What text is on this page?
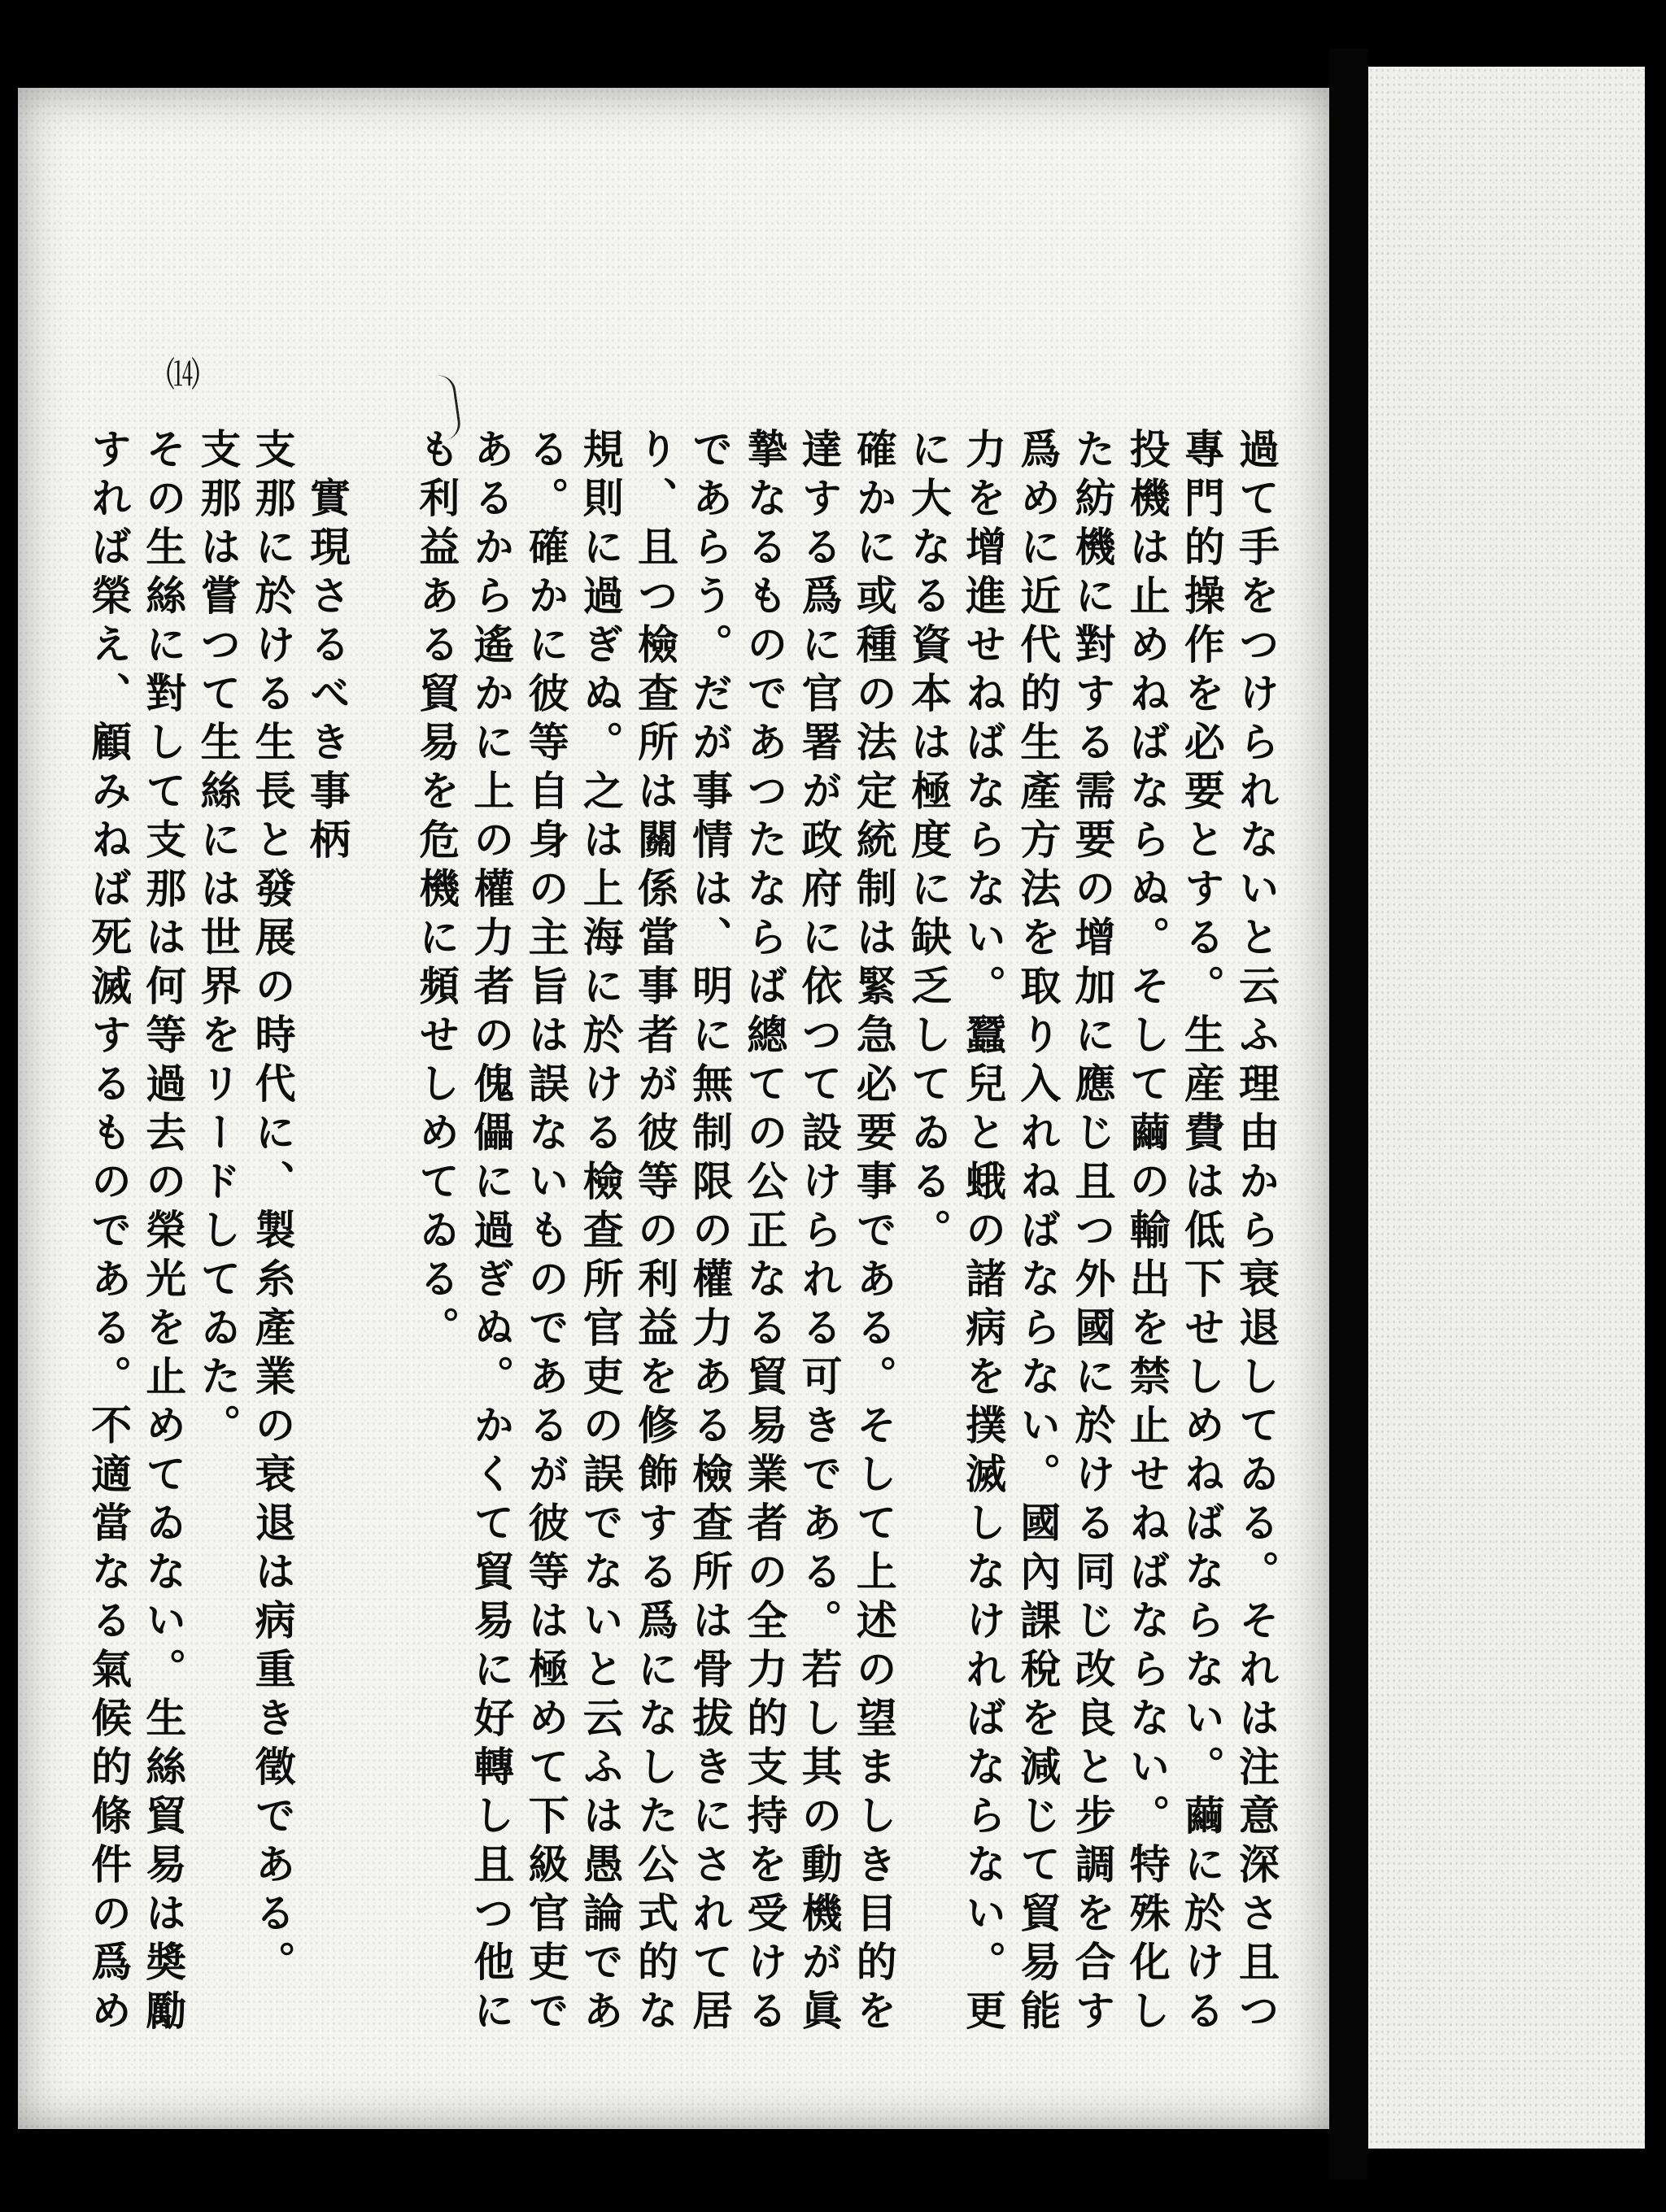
⒁
過て手をつけられないと云ふ理由から衰退してゐる。それは注意深さ且つ
專門的操作を必要とする。生産費は低下せしめねばならない。繭に於ける
投機は止めねばならぬ。そして繭の輸出を禁止せねばならない。特殊化し
た紡機に對する需要の增加に應じ且つ外國に於ける同じ改良と步調を合す
爲めに近代的生產方法を取り入れねばならない。國內課稅を減じて貿易能
力を增進せねばならない。蠶兒と蛾の諸病を撲滅しなければならない。更
に大なる資本は極度に缺乏してゐる。
確かに或種の法定統制は緊急必要事である。そして上述の望ましき目的を
達する爲に官署が政府に依つて設けられる可きである。若し其の動機が眞
摯なるものであつたならば總ての公正なる貿易業者の全力的支持を受ける
であらう。だが事情は、明に無制限の權力ある檢查所は骨拔きにされて居
り、且つ檢查所は關係當事者が彼等の利益を修飾する爲になした公式的な
規則に過ぎぬ。之は上海に於ける檢查所官吏の誤でないと云ふは愚論であ
る。確かに彼等自身の主旨は誤ないものであるが彼等は極めて下級官吏で
あるから遙かに上の權力者の傀儡に過ぎぬ。かくて貿易に好轉し且つ他に
も利益ある貿易を危機に頻せしめてゐる。
　實現さるべき事柄
支那に於ける生長と發展の時代に、製糸產業の衰退は病重き徵である。
支那は嘗つて生絲には世界をリードしてゐた。
その生絲に對して支那は何等過去の榮光を止めてゐない。生絲貿易は奬勵
すれば榮え、顧みねば死滅するものである。不適當なる氣候的條件の爲め
